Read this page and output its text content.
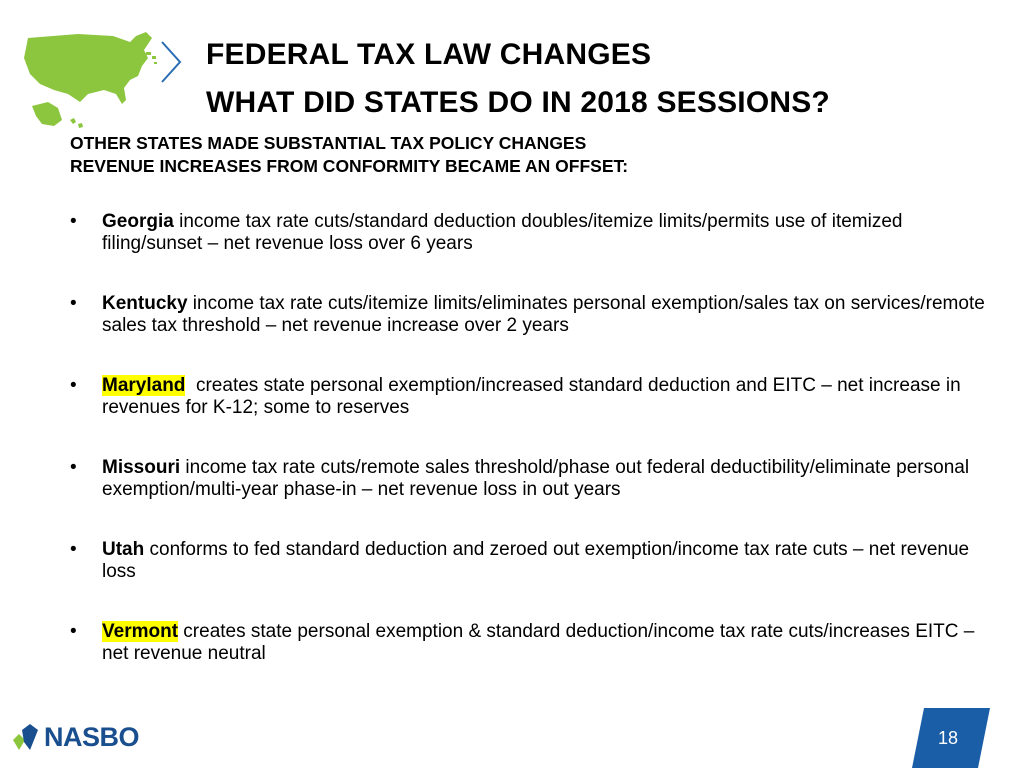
FEDERAL TAX LAW CHANGES
WHAT DID STATES DO IN 2018 SESSIONS?
OTHER STATES MADE SUBSTANTIAL TAX POLICY CHANGES
REVENUE INCREASES FROM CONFORMITY BECAME AN OFFSET:
• Georgia income tax rate cuts/standard deduction doubles/itemize limits/permits use of itemized filing/sunset – net revenue loss over 6 years
• Kentucky income tax rate cuts/itemize limits/eliminates personal exemption/sales tax on services/remote sales tax threshold – net revenue increase over 2 years
• Maryland  creates state personal exemption/increased standard deduction and EITC – net increase in revenues for K-12; some to reserves
• Missouri income tax rate cuts/remote sales threshold/phase out federal deductibility/eliminate personal exemption/multi-year phase-in – net revenue loss in out years
• Utah conforms to fed standard deduction and zeroed out exemption/income tax rate cuts – net revenue loss
• Vermont creates state personal exemption & standard deduction/income tax rate cuts/increases EITC – net revenue neutral
NASBO	18
